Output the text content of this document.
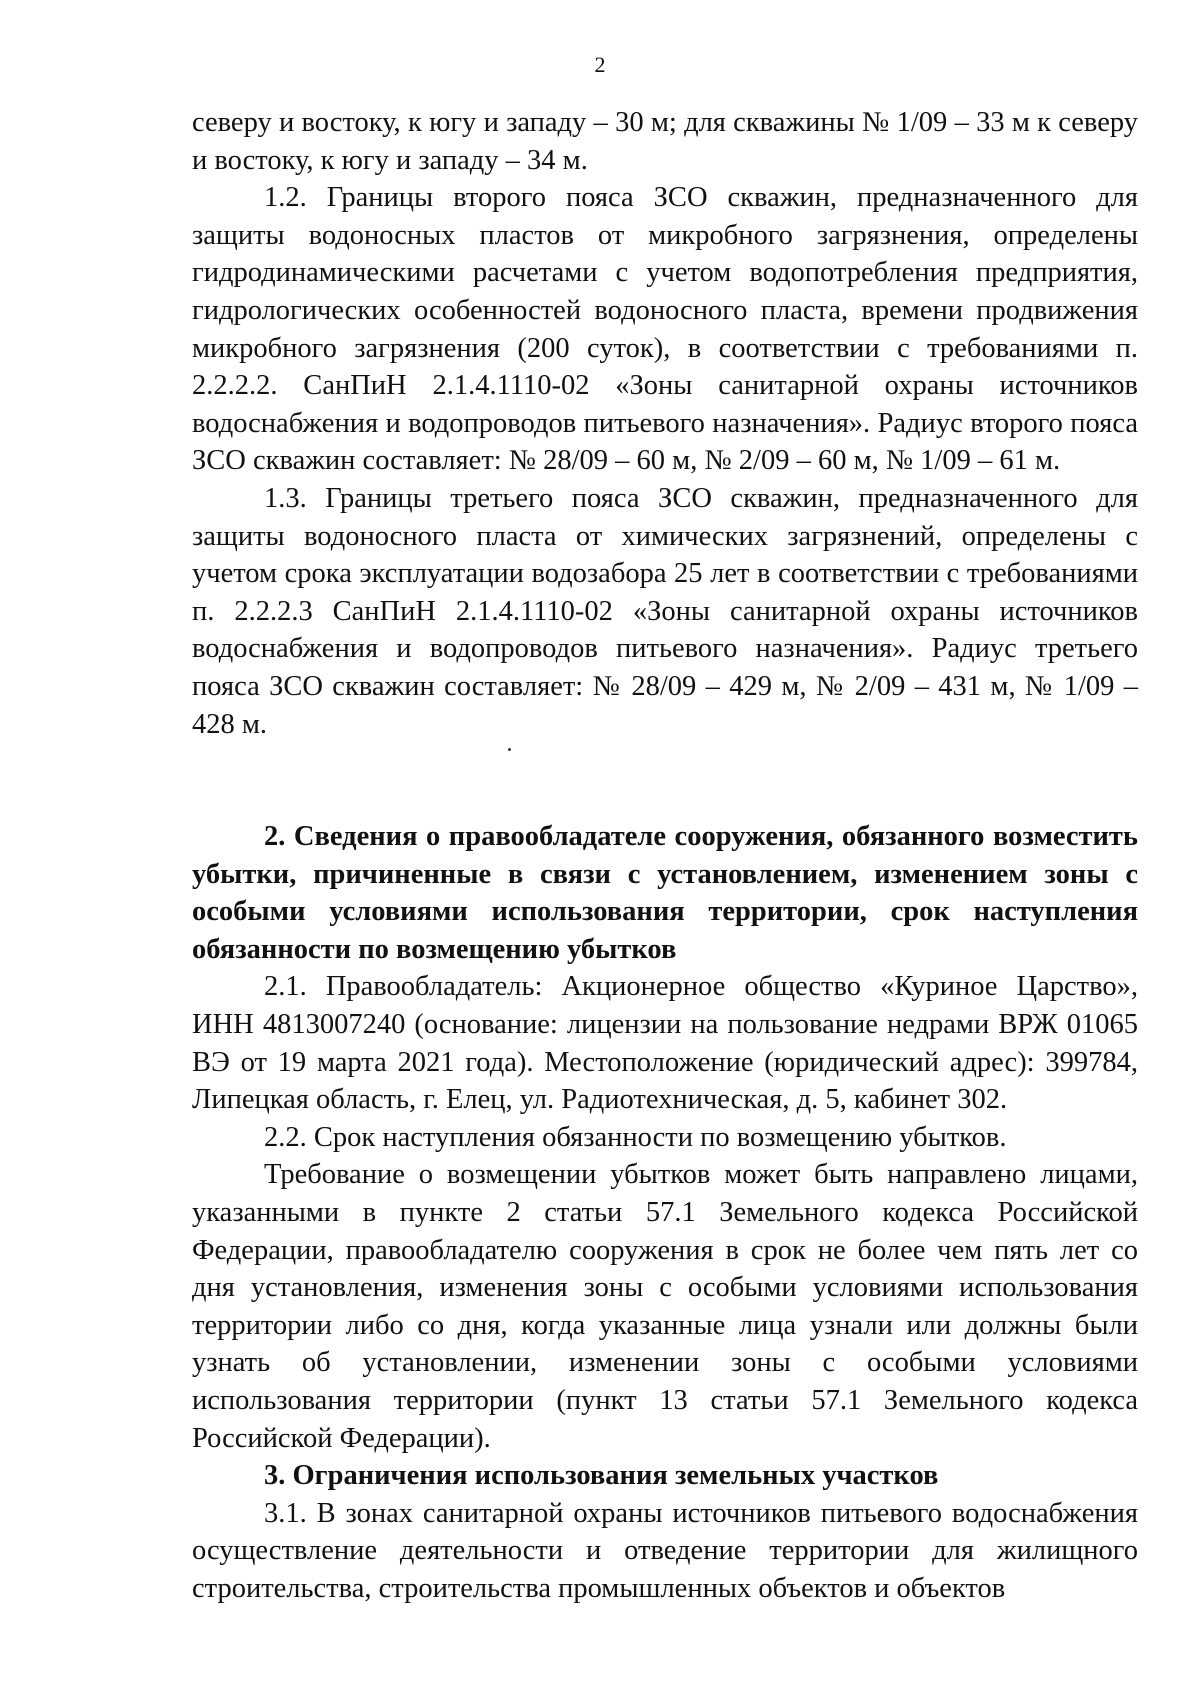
2

северу и востоку, к югу и западу – 30 м; для скважины № 1/09 – 33 м к северу и востоку, к югу и западу – 34 м.

1.2. Границы второго пояса ЗСО скважин, предназначенного для защиты водоносных пластов от микробного загрязнения, определены гидродинамическими расчетами с учетом водопотребления предприятия, гидрологических особенностей водоносного пласта, времени продвижения микробного загрязнения (200 суток), в соответствии с требованиями п. 2.2.2.2. СанПиН 2.1.4.1110-02 «Зоны санитарной охраны источников водоснабжения и водопроводов питьевого назначения». Радиус второго пояса ЗСО скважин составляет: № 28/09 – 60 м, № 2/09 – 60 м, № 1/09 – 61 м.

1.3. Границы третьего пояса ЗСО скважин, предназначенного для защиты водоносного пласта от химических загрязнений, определены с учетом срока эксплуатации водозабора 25 лет в соответствии с требованиями п. 2.2.2.3 СанПиН 2.1.4.1110-02 «Зоны санитарной охраны источников водоснабжения и водопроводов питьевого назначения». Радиус третьего пояса ЗСО скважин составляет: № 28/09 – 429 м, № 2/09 – 431 м, № 1/09 – 428 м.

2. Сведения о правообладателе сооружения, обязанного возместить убытки, причиненные в связи с установлением, изменением зоны с особыми условиями использования территории, срок наступления обязанности по возмещению убытков

2.1. Правообладатель: Акционерное общество «Куриное Царство», ИНН 4813007240 (основание: лицензии на пользование недрами ВРЖ 01065 ВЭ от 19 марта 2021 года). Местоположение (юридический адрес): 399784, Липецкая область, г. Елец, ул. Радиотехническая, д. 5, кабинет 302.

2.2. Срок наступления обязанности по возмещению убытков.

Требование о возмещении убытков может быть направлено лицами, указанными в пункте 2 статьи 57.1 Земельного кодекса Российской Федерации, правообладателю сооружения в срок не более чем пять лет со дня установления, изменения зоны с особыми условиями использования территории либо со дня, когда указанные лица узнали или должны были узнать об установлении, изменении зоны с особыми условиями использования территории (пункт 13 статьи 57.1 Земельного кодекса Российской Федерации).

3. Ограничения использования земельных участков

3.1. В зонах санитарной охраны источников питьевого водоснабжения осуществление деятельности и отведение территории для жилищного строительства, строительства промышленных объектов и объектов
